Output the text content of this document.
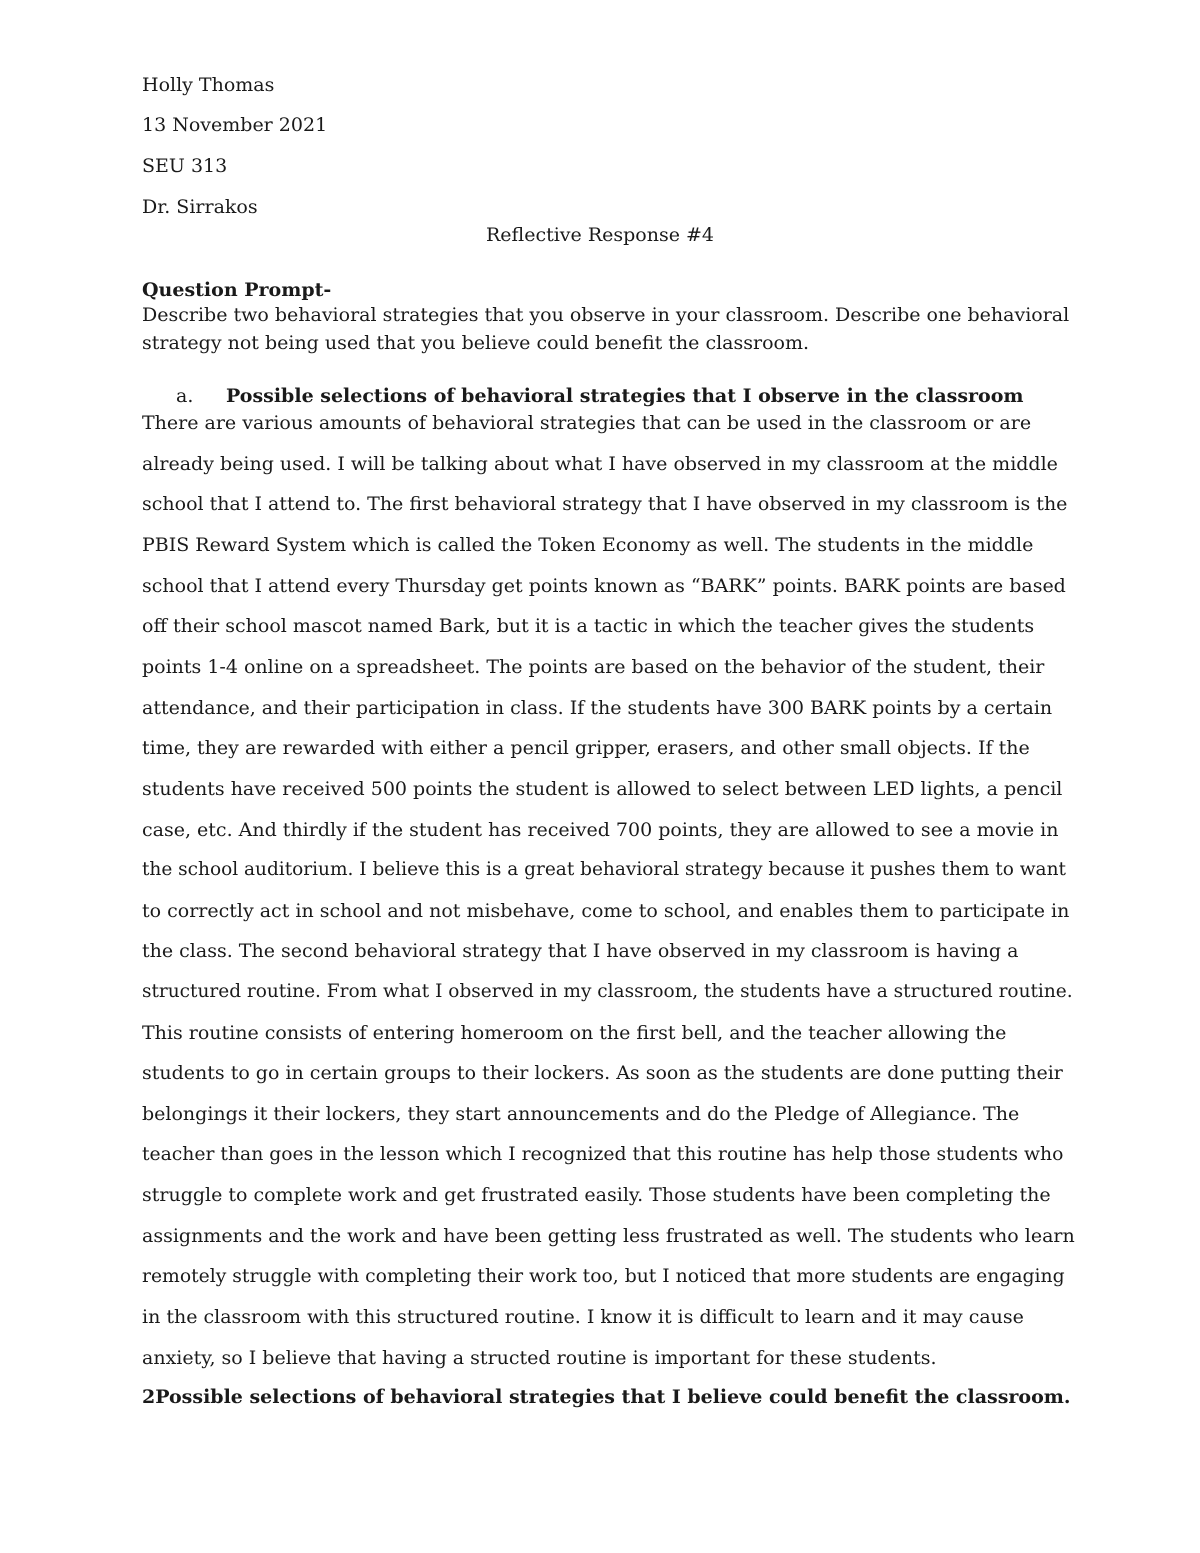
Holly Thomas

13 November 2021

SEU 313

Dr. Sirrakos

Reflective Response #4

Question Prompt-

Describe two behavioral strategies that you observe in your classroom. Describe one behavioral

strategy not being used that you believe could benefit the classroom.

a. Possible selections of behavioral strategies that I observe in the classroom

There are various amounts of behavioral strategies that can be used in the classroom or are

already being used. I will be talking about what I have observed in my classroom at the middle

school that I attend to. The first behavioral strategy that I have observed in my classroom is the

PBIS Reward System which is called the Token Economy as well. The students in the middle

school that I attend every Thursday get points known as “BARK” points. BARK points are based

off their school mascot named Bark, but it is a tactic in which the teacher gives the students

points 1-4 online on a spreadsheet. The points are based on the behavior of the student, their

attendance, and their participation in class. If the students have 300 BARK points by a certain

time, they are rewarded with either a pencil gripper, erasers, and other small objects. If the

students have received 500 points the student is allowed to select between LED lights, a pencil

case, etc. And thirdly if the student has received 700 points, they are allowed to see a movie in

the school auditorium. I believe this is a great behavioral strategy because it pushes them to want

to correctly act in school and not misbehave, come to school, and enables them to participate in

the class. The second behavioral strategy that I have observed in my classroom is having a

structured routine. From what I observed in my classroom, the students have a structured routine.

This routine consists of entering homeroom on the first bell, and the teacher allowing the

students to go in certain groups to their lockers. As soon as the students are done putting their

belongings it their lockers, they start announcements and do the Pledge of Allegiance. The

teacher than goes in the lesson which I recognized that this routine has help those students who

struggle to complete work and get frustrated easily. Those students have been completing the

assignments and the work and have been getting less frustrated as well. The students who learn

remotely struggle with completing their work too, but I noticed that more students are engaging

in the classroom with this structured routine. I know it is difficult to learn and it may cause

anxiety, so I believe that having a structed routine is important for these students.

2Possible selections of behavioral strategies that I believe could benefit the classroom.
